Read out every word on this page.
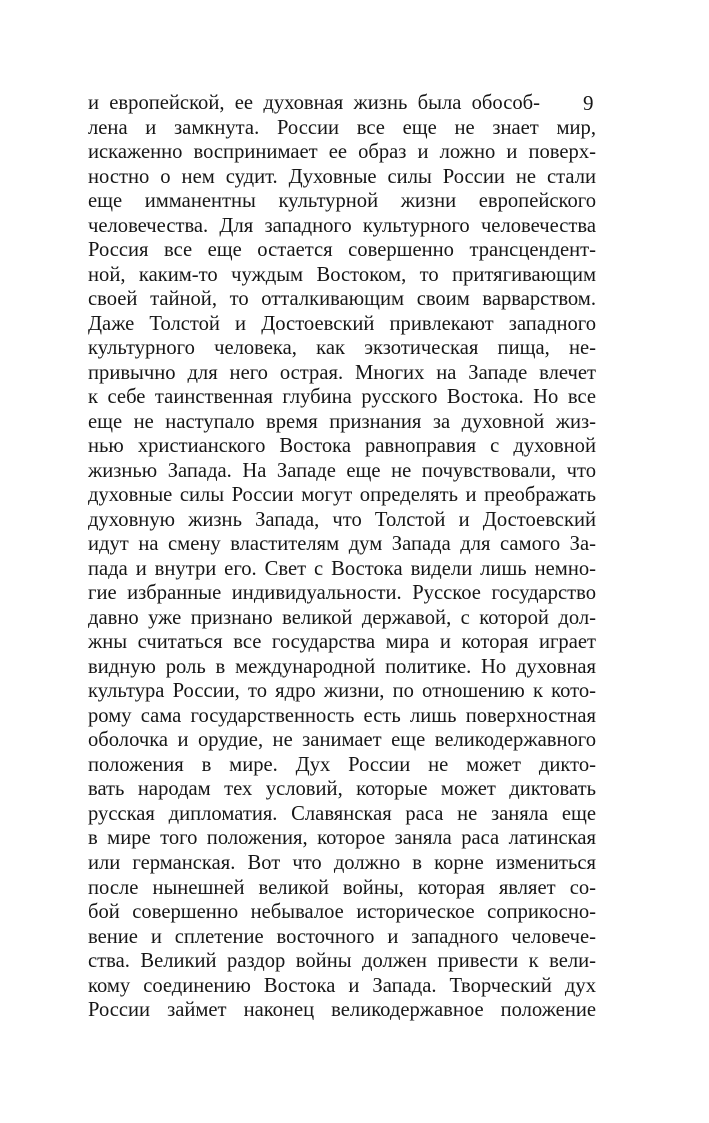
9
и европейской, ее духовная жизнь была обособ-
лена и замкнута. России все еще не знает мир,
искаженно воспринимает ее образ и ложно и поверх-
ностно о нем судит. Духовные силы России не стали
еще имманентны культурной жизни европейского
человечества. Для западного культурного человечества
Россия все еще остается совершенно трансцендент-
ной, каким-то чуждым Востоком, то притягивающим
своей тайной, то отталкивающим своим варварством.
Даже Толстой и Достоевский привлекают западного
культурного человека, как экзотическая пища, не-
привычно для него острая. Многих на Западе влечет
к себе таинственная глубина русского Востока. Но все
еще не наступало время признания за духовной жиз-
нью христианского Востока равноправия с духовной
жизнью Запада. На Западе еще не почувствовали, что
духовные силы России могут определять и преображать
духовную жизнь Запада, что Толстой и Достоевский
идут на смену властителям дум Запада для самого За-
пада и внутри его. Свет с Востока видели лишь немно-
гие избранные индивидуальности. Русское государство
давно уже признано великой державой, с которой дол-
жны считаться все государства мира и которая играет
видную роль в международной политике. Но духовная
культура России, то ядро жизни, по отношению к кото-
рому сама государственность есть лишь поверхностная
оболочка и орудие, не занимает еще великодержавного
положения в мире. Дух России не может дикто-
вать народам тех условий, которые может диктовать
русская дипломатия. Славянская раса не заняла еще
в мире того положения, которое заняла раса латинская
или германская. Вот что должно в корне измениться
после нынешней великой войны, которая являет со-
бой совершенно небывалое историческое соприкосно-
вение и сплетение восточного и западного человече-
ства. Великий раздор войны должен привести к вели-
кому соединению Востока и Запада. Творческий дух
России займет наконец великодержавное положение
